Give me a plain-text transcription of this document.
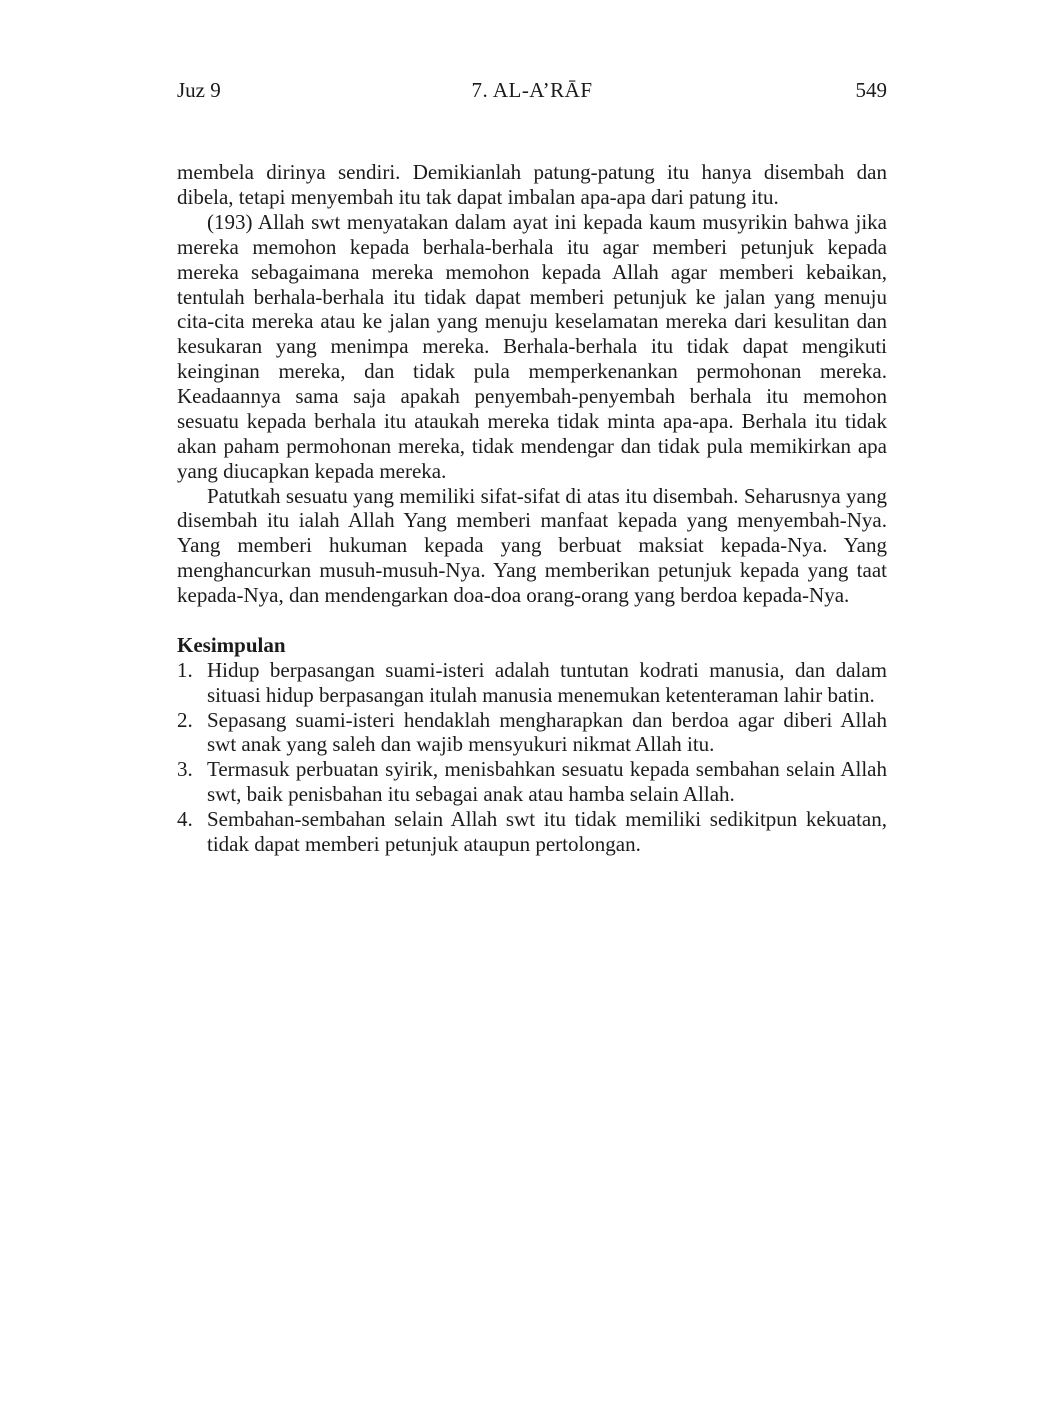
Juz 9	7. AL-A’RĀF	549

membela dirinya sendiri. Demikianlah patung-patung itu hanya disembah dan dibela, tetapi menyembah itu tak dapat imbalan apa-apa dari patung itu.

(193) Allah swt menyatakan dalam ayat ini kepada kaum musyrikin bahwa jika mereka memohon kepada berhala-berhala itu agar memberi petunjuk kepada mereka sebagaimana mereka memohon kepada Allah agar memberi kebaikan, tentulah berhala-berhala itu tidak dapat memberi petunjuk ke jalan yang menuju cita-cita mereka atau ke jalan yang menuju keselamatan mereka dari kesulitan dan kesukaran yang menimpa mereka. Berhala-berhala itu tidak dapat mengikuti keinginan mereka, dan tidak pula memperkenankan permohonan mereka. Keadaannya sama saja apakah penyembah-penyembah berhala itu memohon sesuatu kepada berhala itu ataukah mereka tidak minta apa-apa. Berhala itu tidak akan paham permohonan mereka, tidak mendengar dan tidak pula memikirkan apa yang diucapkan kepada mereka.

Patutkah sesuatu yang memiliki sifat-sifat di atas itu disembah. Seharusnya yang disembah itu ialah Allah Yang memberi manfaat kepada yang menyembah-Nya. Yang memberi hukuman kepada yang berbuat maksiat kepada-Nya. Yang menghancurkan musuh-musuh-Nya. Yang memberikan petunjuk kepada yang taat kepada-Nya, dan mendengarkan doa-doa orang-orang yang berdoa kepada-Nya.

Kesimpulan
1. Hidup berpasangan suami-isteri adalah tuntutan kodrati manusia, dan dalam situasi hidup berpasangan itulah manusia menemukan ketenteraman lahir batin.
2. Sepasang suami-isteri hendaklah mengharapkan dan berdoa agar diberi Allah swt anak yang saleh dan wajib mensyukuri nikmat Allah itu.
3. Termasuk perbuatan syirik, menisbahkan sesuatu kepada sembahan selain Allah swt, baik penisbahan itu sebagai anak atau hamba selain Allah.
4. Sembahan-sembahan selain Allah swt itu tidak memiliki sedikitpun kekuatan, tidak dapat memberi petunjuk ataupun pertolongan.
